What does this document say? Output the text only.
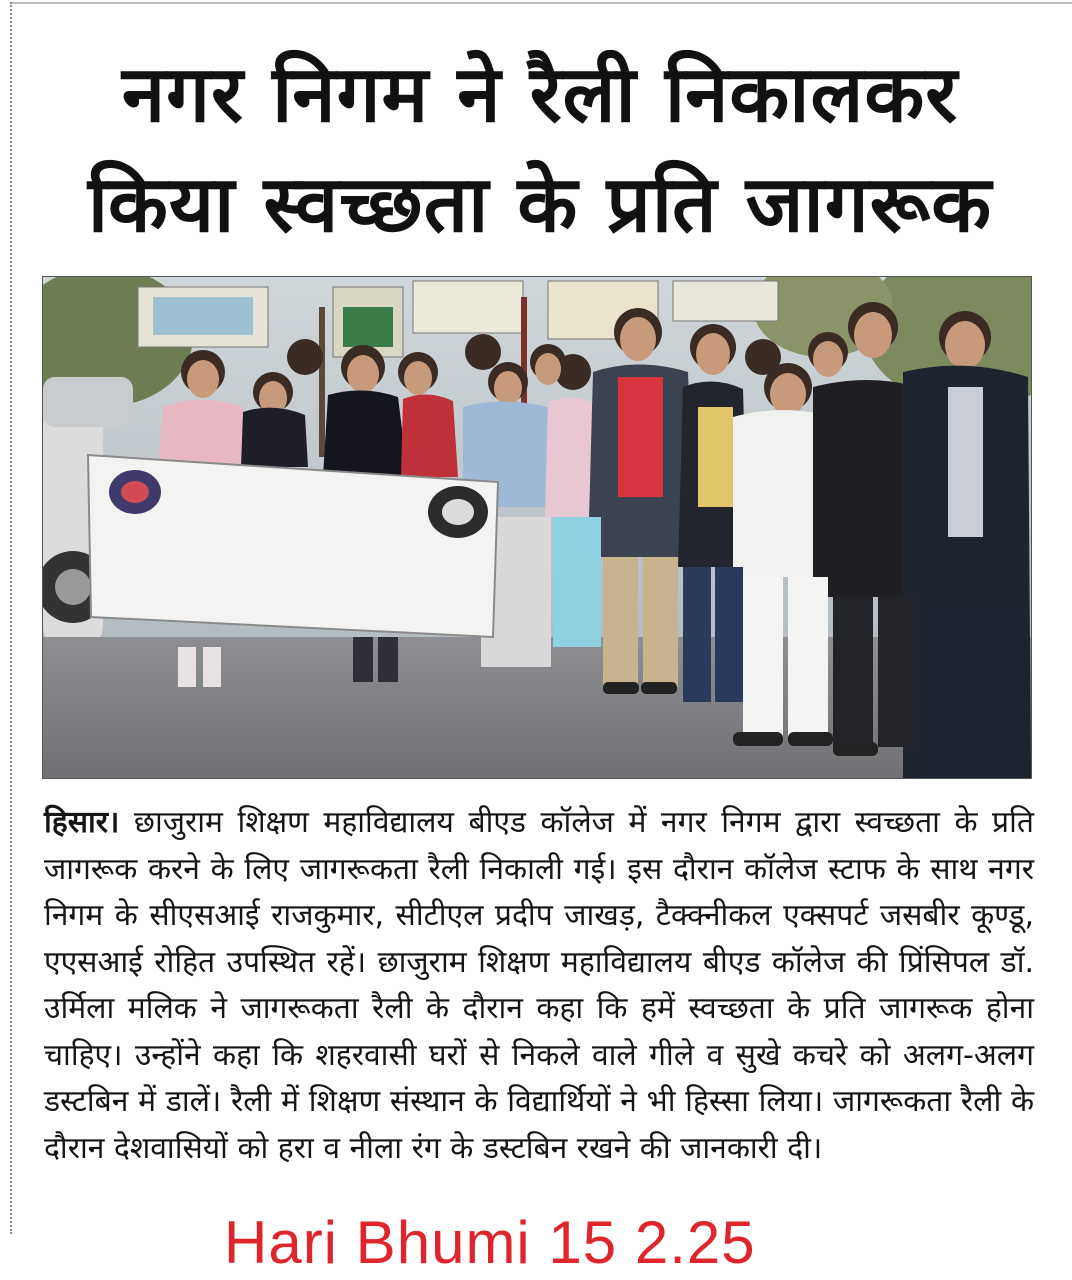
नगर निगम ने रैली निकालकर
किया स्वच्छता के प्रति जागरूक

हिसार। छाजुराम शिक्षण महाविद्यालय बीएड कॉलेज में नगर निगम द्वारा स्वच्छता के प्रति जागरूक करने के लिए जागरूकता रैली निकाली गई। इस दौरान कॉलेज स्टाफ के साथ नगर निगम के सीएसआई राजकुमार, सीटीएल प्रदीप जाखड़, टैक्क्नीकल एक्सपर्ट जसबीर कूण्डू, एएसआई रोहित उपस्थित रहें। छाजुराम शिक्षण महाविद्यालय बीएड कॉलेज की प्रिंसिपल डॉ. उर्मिला मलिक ने जागरूकता रैली के दौरान कहा कि हमें स्वच्छता के प्रति जागरूक होना चाहिए। उन्होंने कहा कि शहरवासी घरों से निकले वाले गीले व सुखे कचरे को अलग-अलग डस्टबिन में डालें। रैली में शिक्षण संस्थान के विद्यार्थियों ने भी हिस्सा लिया। जागरूकता रैली के दौरान देशवासियों को हरा व नीला रंग के डस्टबिन रखने की जानकारी दी।

Hari Bhumi 15 2.25
